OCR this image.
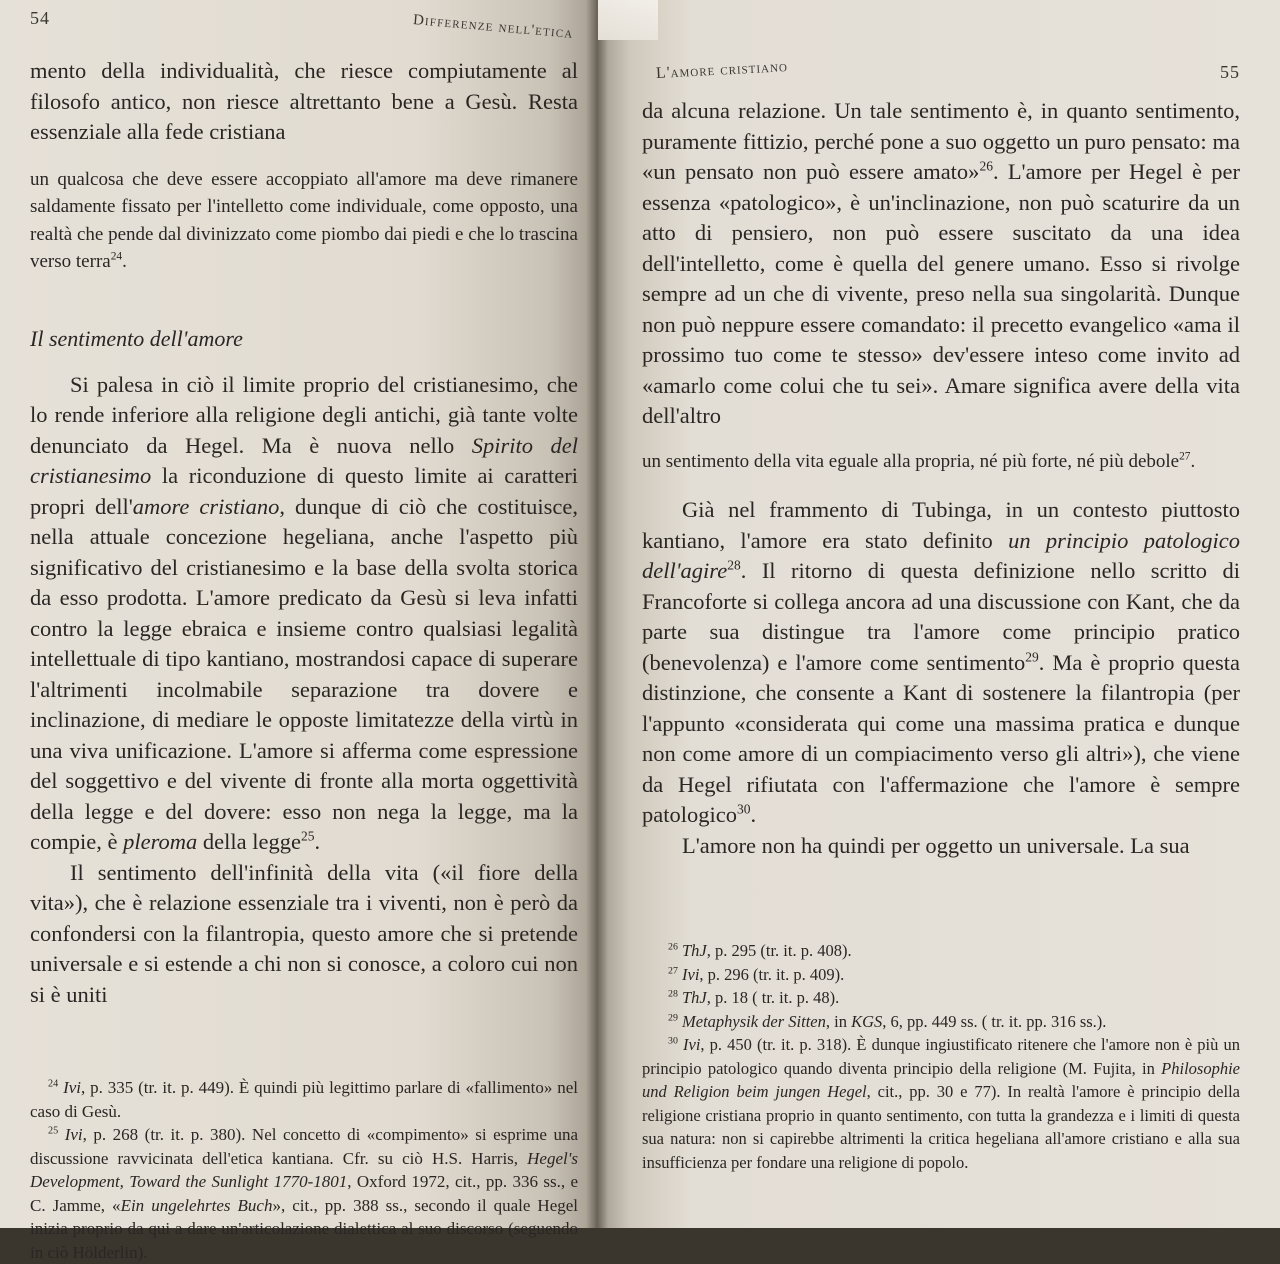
54	Differenze nell'etica

mento della individualità, che riesce compiutamente al filosofo antico, non riesce altrettanto bene a Gesù. Resta essenziale alla fede cristiana

un qualcosa che deve essere accoppiato all'amore ma deve rimanere saldamente fissato per l'intelletto come individuale, come opposto, una realtà che pende dal divinizzato come piombo dai piedi e che lo trascina verso terra$^{24}$.

Il sentimento dell'amore

Si palesa in ciò il limite proprio del cristianesimo, che lo rende inferiore alla religione degli antichi, già tante volte denunciato da Hegel. Ma è nuova nello Spirito del cristianesimo la riconduzione di questo limite ai caratteri propri dell'amore cristiano, dunque di ciò che costituisce, nella attuale concezione hegeliana, anche l'aspetto più significativo del cristianesimo e la base della svolta storica da esso prodotta. L'amore predicato da Gesù si leva infatti contro la legge ebraica e insieme contro qualsiasi legalità intellettuale di tipo kantiano, mostrandosi capace di superare l'altrimenti incolmabile separazione tra dovere e inclinazione, di mediare le opposte limitatezze della virtù in una viva unificazione. L'amore si afferma come espressione del soggettivo e del vivente di fronte alla morta oggettività della legge e del dovere: esso non nega la legge, ma la compie, è pleroma della legge$^{25}$.

Il sentimento dell'infinità della vita («il fiore della vita»), che è relazione essenziale tra i viventi, non è però da confondersi con la filantropia, questo amore che si pretende universale e si estende a chi non si conosce, a coloro cui non si è uniti

$^{24}$ Ivi, p. 335 (tr. it. p. 449). È quindi più legittimo parlare di «fallimento» nel caso di Gesù.

$^{25}$ Ivi, p. 268 (tr. it. p. 380). Nel concetto di «compimento» si esprime una discussione ravvicinata dell'etica kantiana. Cfr. su ciò H.S. Harris, Hegel's Development, Toward the Sunlight 1770-1801, Oxford 1972, cit., pp. 336 ss., e C. Jamme, «Ein ungelehrtes Buch», cit., pp. 388 ss., secondo il quale Hegel inizia proprio da qui a dare un'articolazione dialettica al suo discorso (seguendo in ciò Hölderlin).

L'amore cristiano	55

da alcuna relazione. Un tale sentimento è, in quanto sentimento, puramente fittizio, perché pone a suo oggetto un puro pensato: ma «un pensato non può essere amato»$^{26}$. L'amore per Hegel è per essenza «patologico», è un'inclinazione, non può scaturire da un atto di pensiero, non può essere suscitato da una idea dell'intelletto, come è quella del genere umano. Esso si rivolge sempre ad un che di vivente, preso nella sua singolarità. Dunque non può neppure essere comandato: il precetto evangelico «ama il prossimo tuo come te stesso» dev'essere inteso come invito ad «amarlo come colui che tu sei». Amare significa avere della vita dell'altro

un sentimento della vita eguale alla propria, né più forte, né più debole$^{27}$.

Già nel frammento di Tubinga, in un contesto piuttosto kantiano, l'amore era stato definito un principio patologico dell'agire$^{28}$. Il ritorno di questa definizione nello scritto di Francoforte si collega ancora ad una discussione con Kant, che da parte sua distingue tra l'amore come principio pratico (benevolenza) e l'amore come sentimento$^{29}$. Ma è proprio questa distinzione, che consente a Kant di sostenere la filantropia (per l'appunto «considerata qui come una massima pratica e dunque non come amore di un compiacimento verso gli altri»), che viene da Hegel rifiutata con l'affermazione che l'amore è sempre patologico$^{30}$.

L'amore non ha quindi per oggetto un universale. La sua

$^{26}$ ThJ, p. 295 (tr. it. p. 408).

$^{27}$ Ivi, p. 296 (tr. it. p. 409).

$^{28}$ ThJ, p. 18 ( tr. it. p. 48).

$^{29}$ Metaphysik der Sitten, in KGS, 6, pp. 449 ss. ( tr. it. pp. 316 ss.).

$^{30}$ Ivi, p. 450 (tr. it. p. 318). È dunque ingiustificato ritenere che l'amore non è più un principio patologico quando diventa principio della religione (M. Fujita, in Philosophie und Religion beim jungen Hegel, cit., pp. 30 e 77). In realtà l'amore è principio della religione cristiana proprio in quanto sentimento, con tutta la grandezza e i limiti di questa sua natura: non si capirebbe altrimenti la critica hegeliana all'amore cristiano e alla sua insufficienza per fondare una religione di popolo.
